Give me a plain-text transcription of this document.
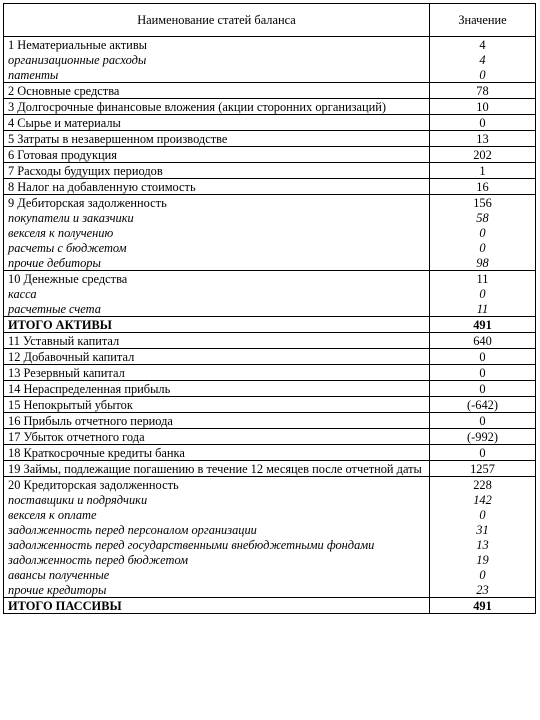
Наименование статей баланса	Значение
1 Нематериальные активы	4
организационные расходы	4
патенты	0
2 Основные средства	78
3 Долгосрочные финансовые вложения (акции сторонних организаций)	10
4 Сырье и материалы	0
5 Затраты в незавершенном производстве	13
6 Готовая продукция	202
7 Расходы будущих периодов	1
8 Налог на добавленную стоимость	16
9 Дебиторская задолженность	156
покупатели и заказчики	58
векселя к получению	0
расчеты с бюджетом	0
прочие дебиторы	98
10 Денежные средства	11
касса	0
расчетные счета	11
ИТОГО АКТИВЫ	491
11 Уставный капитал	640
12 Добавочный капитал	0
13 Резервный капитал	0
14 Нераспределенная прибыль	0
15 Непокрытый убыток	(-642)
16 Прибыль отчетного периода	0
17 Убыток отчетного года	(-992)
18 Краткосрочные кредиты банка	0
19 Займы, подлежащие погашению в течение 12 месяцев после отчетной даты	1257
20 Кредиторская задолженность	228
поставщики и подрядчики	142
векселя к оплате	0
задолженность перед персоналом организации	31
задолженность перед государственными внебюджетными фондами	13
задолженность перед бюджетом	19
авансы полученные	0
прочие кредиторы	23
ИТОГО ПАССИВЫ	491
